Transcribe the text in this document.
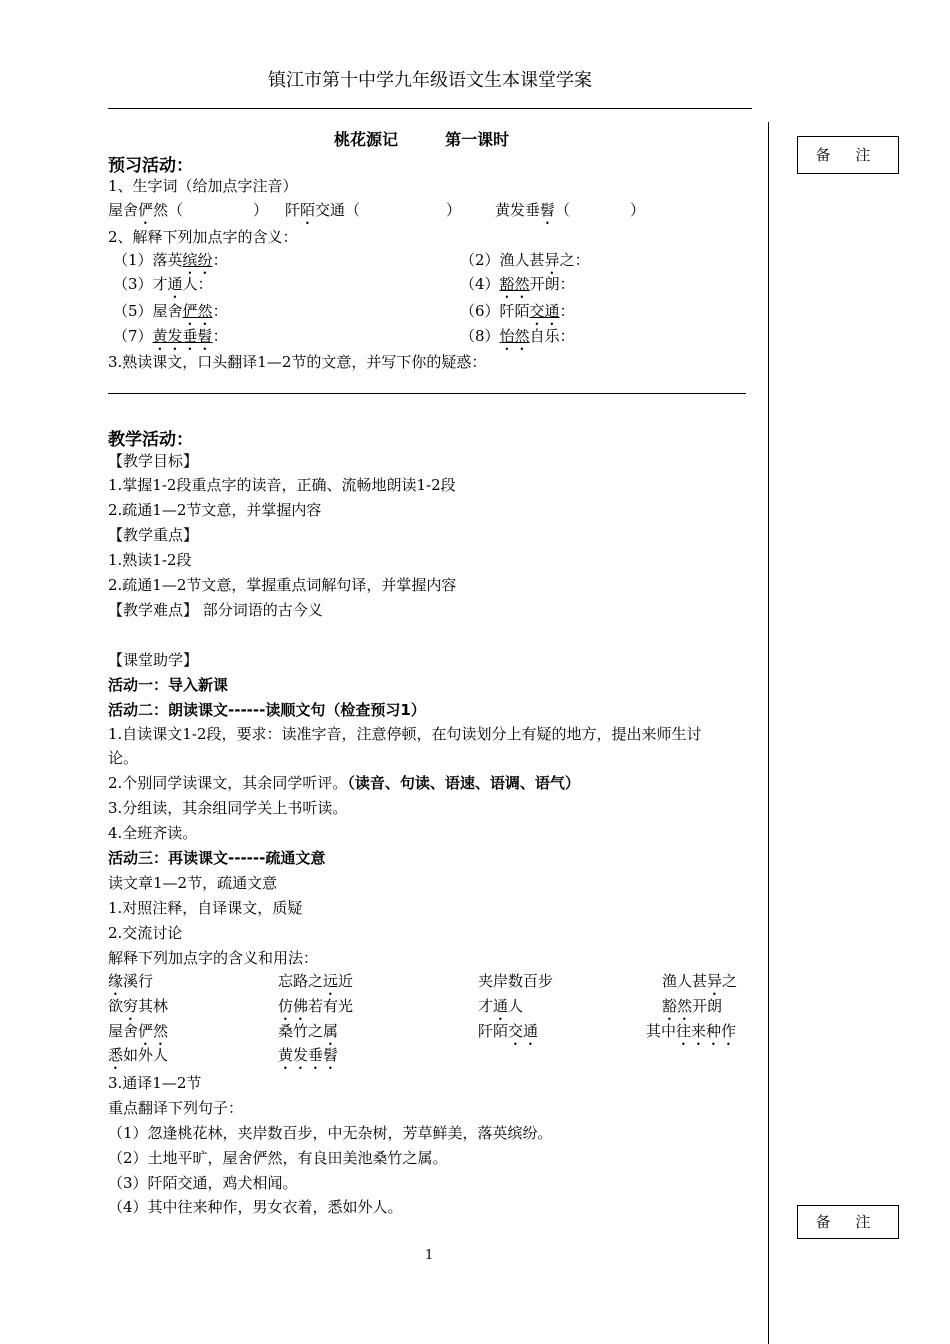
镇江市第十中学九年级语文生本课堂学案
备 注
备 注
桃花源记	第一课时
预习活动：
1、生字词（给加点字注音）
屋舍俨然（	） 阡陌交通（	） 黄发垂髫（	）
2、解释下列加点字的含义：
（1）落英缤纷：	（2）渔人甚异之：
（3）才通人：	（4）豁然开朗：
（5）屋舍俨然：	（6）阡陌交通：
（7）黄发垂髫：	（8）怡然自乐：
3.熟读课文，口头翻译1—2节的文意，并写下你的疑惑：
教学活动：
【教学目标】
1.掌握1-2段重点字的读音，正确、流畅地朗读1-2段
2.疏通1—2节文意，并掌握内容
【教学重点】
1.熟读1-2段
2.疏通1—2节文意，掌握重点词解句译，并掌握内容
【教学难点】 部分词语的古今义
【课堂助学】
活动一：导入新课
活动二：朗读课文------读顺文句（检查预习1）
1.自读课文1-2段，要求：读准字音，注意停顿，在句读划分上有疑的地方，提出来师生讨
论。
2.个别同学读课文，其余同学听评。（读音、句读、语速、语调、语气）
3.分组读，其余组同学关上书听读。
4.全班齐读。
活动三：再读课文------疏通文意
读文章1—2节，疏通文意
1.对照注释，自译课文，质疑
2.交流讨论
解释下列加点字的含义和用法：
缘溪行	忘路之远近	夹岸数百步	渔人甚异之
欲穷其林	仿佛若有光	才通人	豁然开朗
屋舍俨然	桑竹之属	阡陌交通	其中往来种作
悉如外人	黄发垂髫
3.通译1—2节
重点翻译下列句子：
（1）忽逢桃花林，夹岸数百步，中无杂树，芳草鲜美，落英缤纷。
（2）土地平旷，屋舍俨然，有良田美池桑竹之属。
（3）阡陌交通，鸡犬相闻。
（4）其中往来种作，男女衣着，悉如外人。
1
